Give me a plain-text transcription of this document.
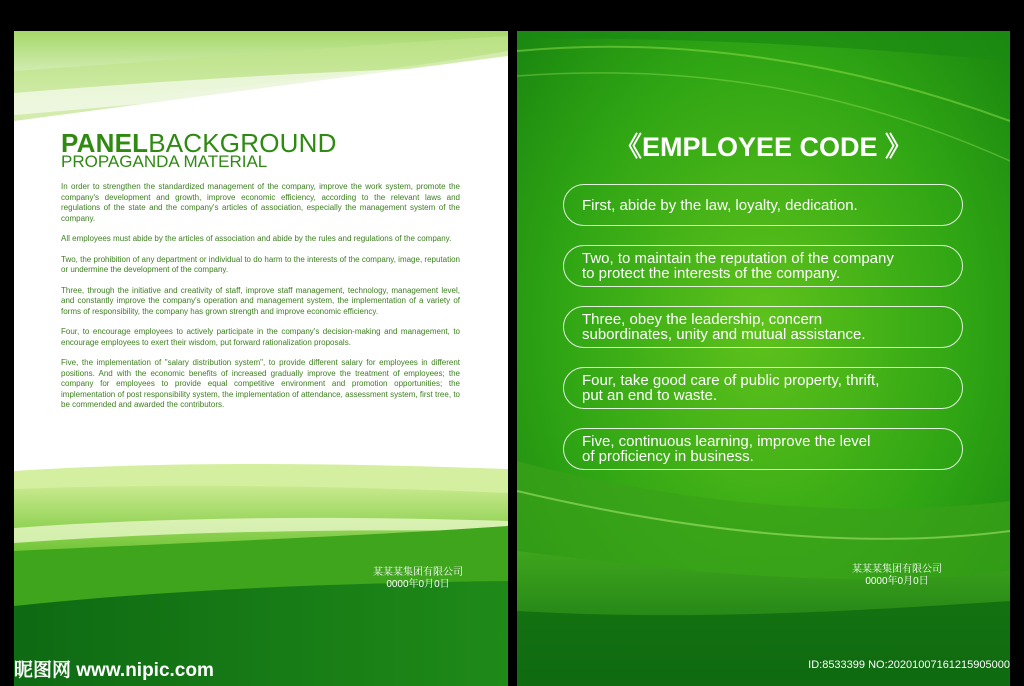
PANELBACKGROUND
PROPAGANDA MATERIAL

In order to strengthen the standardized management of the company, improve the work system, promote the company's development and growth, improve economic efficiency, according to the relevant laws and regulations of the state and the company's articles of association, especially the management system of the company.

All employees must abide by the articles of association and abide by the rules and regulations of the company.

Two, the prohibition of any department or individual to do harm to the interests of the company, image, reputation or undermine the development of the company.

Three, through the initiative and creativity of staff, improve staff management, technology, management level, and constantly improve the company's operation and management system, the implementation of a variety of forms of responsibility, the company has grown strength and improve economic efficiency.

Four, to encourage employees to actively participate in the company's decision-making and management, to encourage employees to exert their wisdom, put forward rationalization proposals.

Five, the implementation of "salary distribution system", to provide different salary for employees in different positions. And with the economic benefits of increased gradually improve the treatment of employees; the company for employees to provide equal competitive environment and promotion opportunities; the implementation of post responsibility system, the implementation of attendance, assessment system, first tree, to be commended and awarded the contributors.

某某某集团有限公司
0000年0月0日
《EMPLOYEE CODE 》
First, abide by the law, loyalty, dedication.
Two, to maintain the reputation of the company
to protect the interests of the company.
Three, obey the leadership, concern
subordinates, unity and mutual assistance.
Four, take good care of public property, thrift,
put an end to waste.
Five, continuous learning, improve the level
of proficiency in business.
某某某集团有限公司
0000年0月0日
昵图网 www.nipic.com	ID:8533399 NO:20201007161215905000
